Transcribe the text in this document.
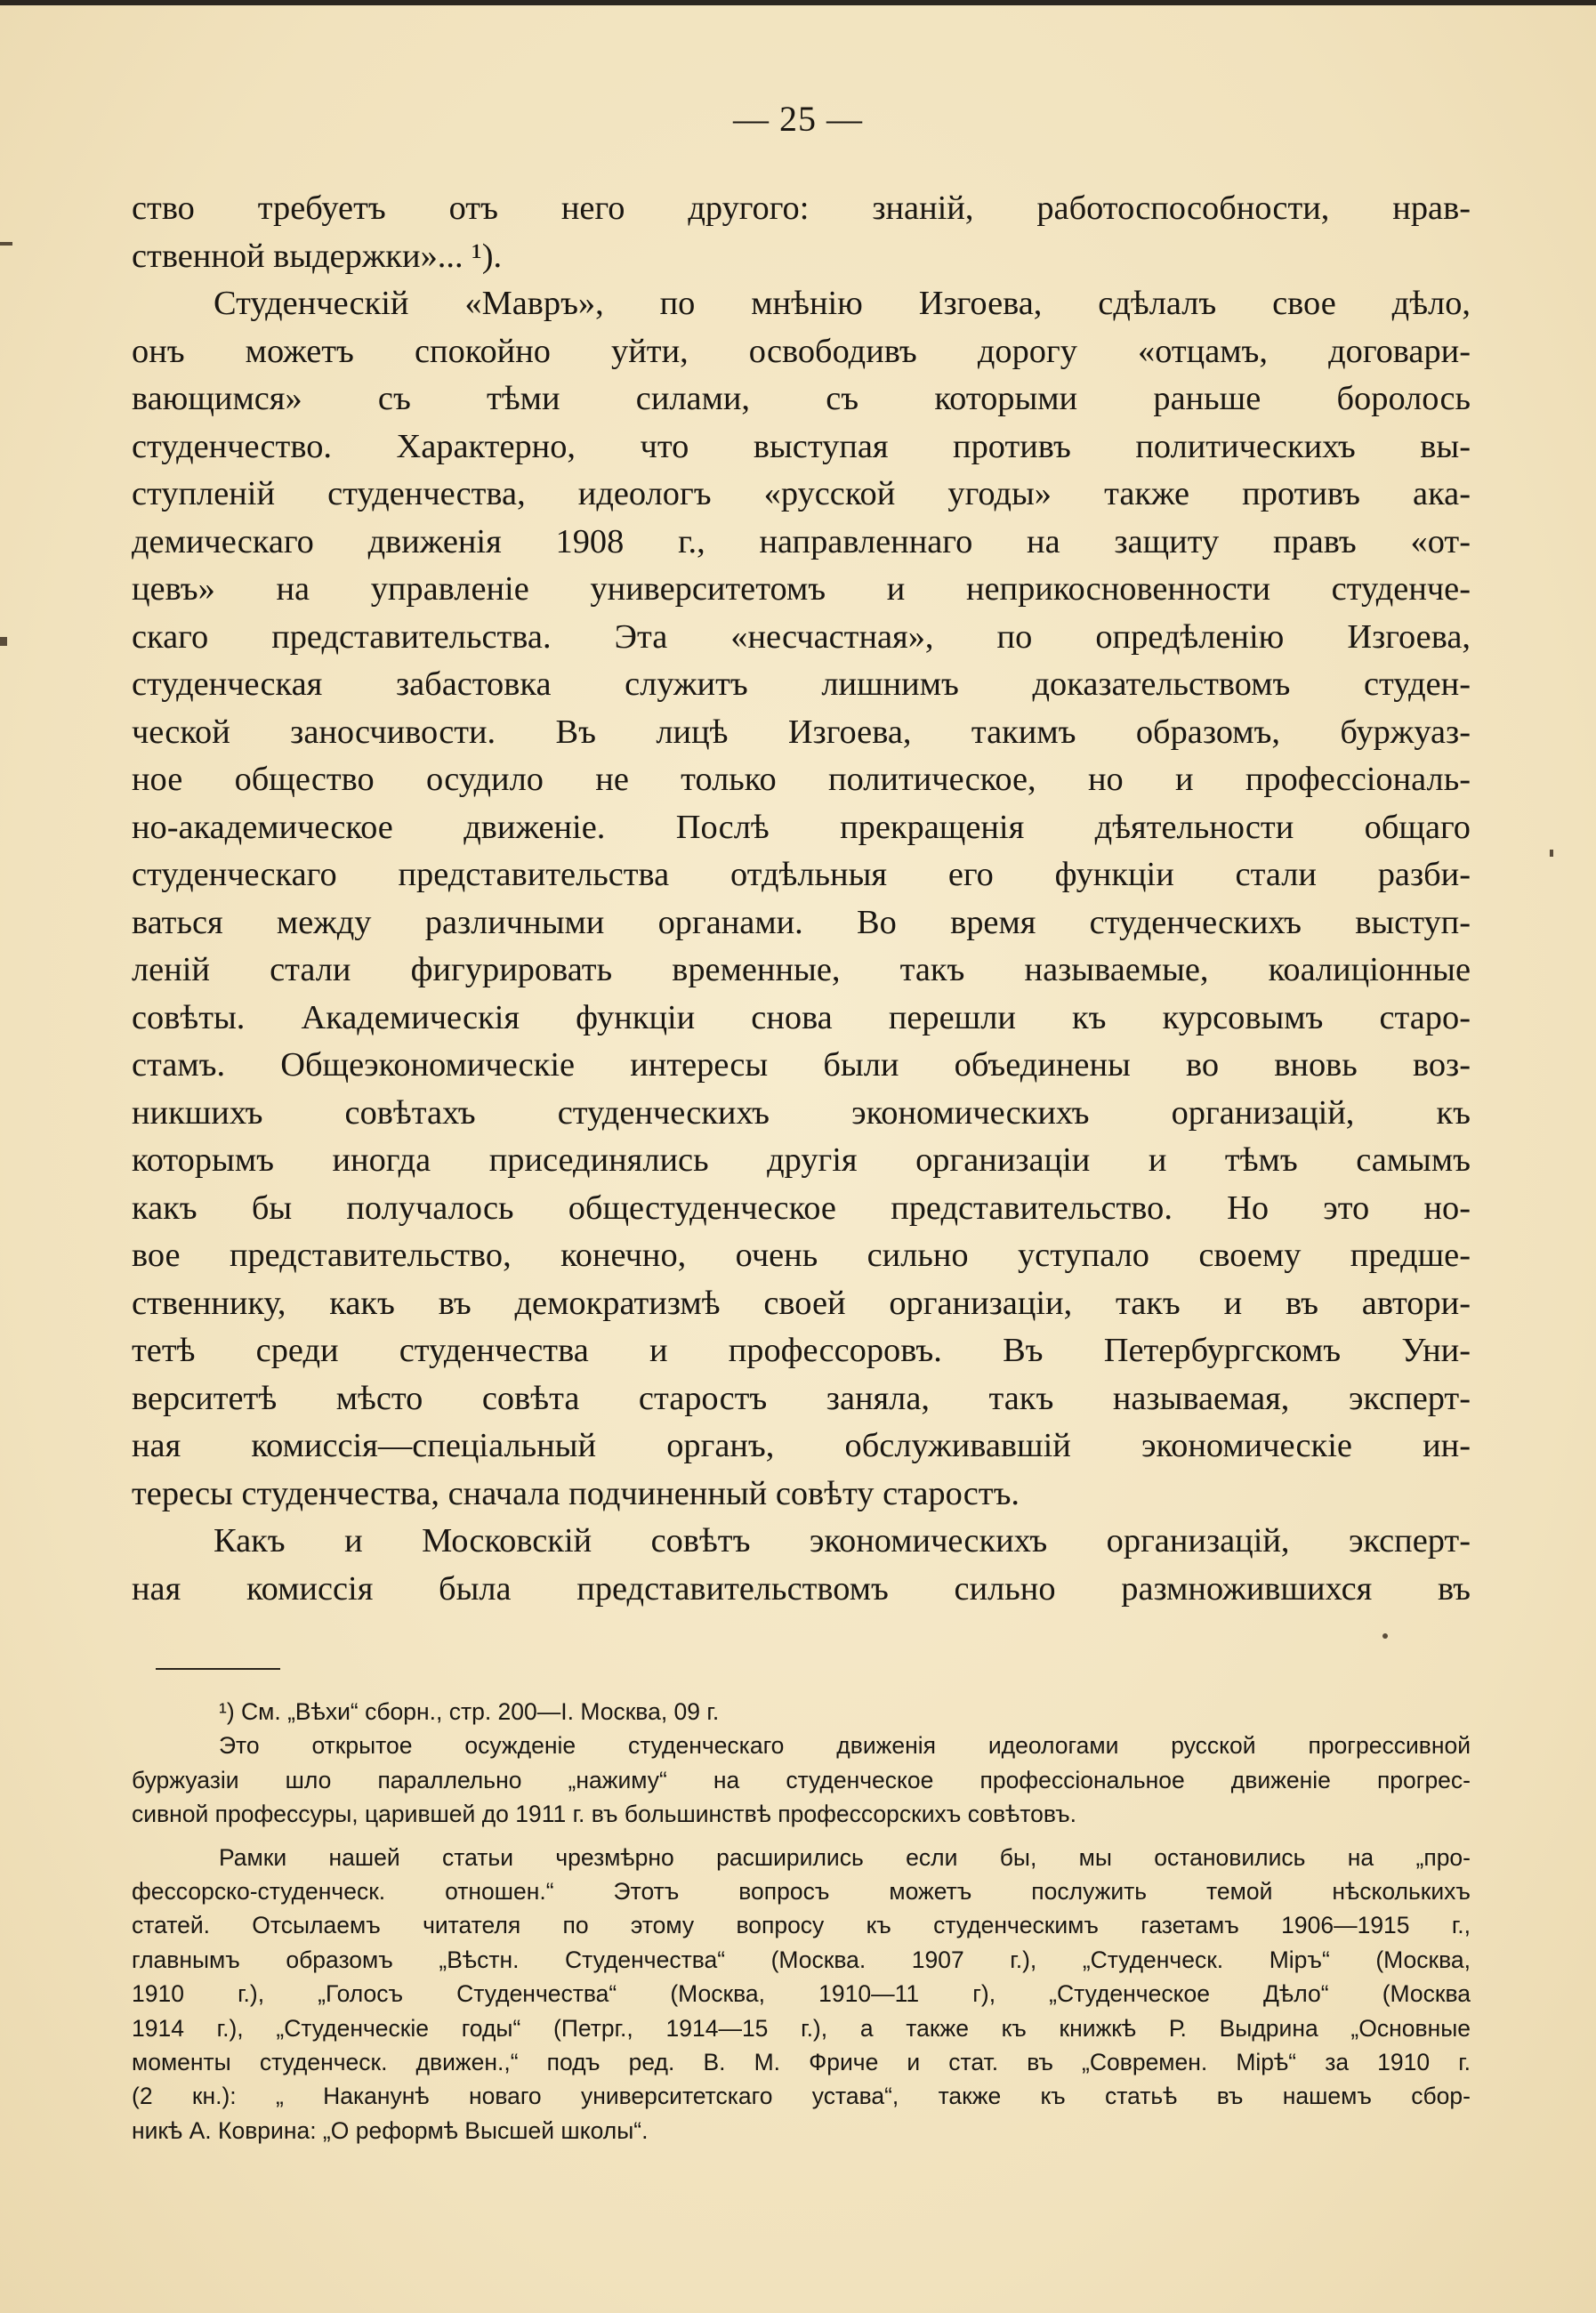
— 25 —
ство требуетъ отъ него другого: знаній, работоспособности, нрав-
ственной выдержки»... ¹).
Студенческій «Мавръ», по мнѣнію Изгоева, сдѣлалъ свое дѣло,
онъ можетъ спокойно уйти, освободивъ дорогу «отцамъ, договари-
вающимся» съ тѣми силами, съ которыми раньше боролось
студенчество. Характерно, что выступая противъ политическихъ вы-
ступленій студенчества, идеологъ «русской угоды» также противъ ака-
демическаго движенія 1908 г., направленнаго на защиту правъ «от-
цевъ» на управленіе университетомъ и неприкосновенности студенче-
скаго представительства. Эта «несчастная», по опредѣленію Изгоева,
студенческая забастовка служитъ лишнимъ доказательствомъ студен-
ческой заносчивости. Въ лицѣ Изгоева, такимъ образомъ, буржуаз-
ное общество осудило не только политическое, но и профессіональ-
но-академическое движеніе. Послѣ прекращенія дѣятельности общаго
студенческаго представительства отдѣльныя его функціи стали разби-
ваться между различными органами. Во время студенческихъ выступ-
леній стали фигурировать временные, такъ называемые, коалиціонные
совѣты. Академическія функціи снова перешли къ курсовымъ старо-
стамъ. Общеэкономическіе интересы были объединены во вновь воз-
никшихъ совѣтахъ студенческихъ экономическихъ организацій, къ
которымъ иногда присединялись другія организаціи и тѣмъ самымъ
какъ бы получалось общестуденческое представительство. Но это но-
вое представительство, конечно, очень сильно уступало своему предше-
ственнику, какъ въ демократизмѣ своей организаціи, такъ и въ автори-
тетѣ среди студенчества и профессоровъ. Въ Петербургскомъ Уни-
верситетѣ мѣсто совѣта старостъ заняла, такъ называемая, эксперт-
ная комиссія—спеціальный органъ, обслуживавшій экономическіе ин-
тересы студенчества, сначала подчиненный совѣту старостъ.
Какъ и Московскій совѣтъ экономическихъ организацій, эксперт-
ная комиссія была представительствомъ сильно размножившихся въ
¹) См. „Вѣхи“ сборн., стр. 200—I. Москва, 09 г.
Это открытое осужденіе студенческаго движенія идеологами русской прогрессивной
буржуазіи шло параллельно „нажиму“ на студенческое профессіональное движеніе прогрес-
сивной профессуры, царившей до 1911 г. въ большинствѣ профессорскихъ совѣтовъ.
Рамки нашей статьи чрезмѣрно расширились если бы, мы остановились на „про-
фессорско-студенческ. отношен.“ Этотъ вопросъ можетъ послужить темой нѣсколькихъ
статей. Отсылаемъ читателя по этому вопросу къ студенческимъ газетамъ 1906—1915 г.,
главнымъ образомъ „Вѣстн. Студенчества“ (Москва. 1907 г.), „Студенческ. Міръ“ (Москва,
1910 г.), „Голосъ Студенчества“ (Москва, 1910—11 г), „Студенческое Дѣло“ (Москва
1914 г.), „Студенческіе годы“ (Петрг., 1914—15 г.), а также къ книжкѣ Р. Выдрина „Основные
моменты студенческ. движен.,“ подъ ред. В. М. Фриче и стат. въ „Современ. Мірѣ“ за 1910 г.
(2 кн.): „ Наканунѣ новаго университетскаго устава“, также къ статьѣ въ нашемъ сбор-
никѣ А. Коврина: „О реформѣ Высшей школы“.
